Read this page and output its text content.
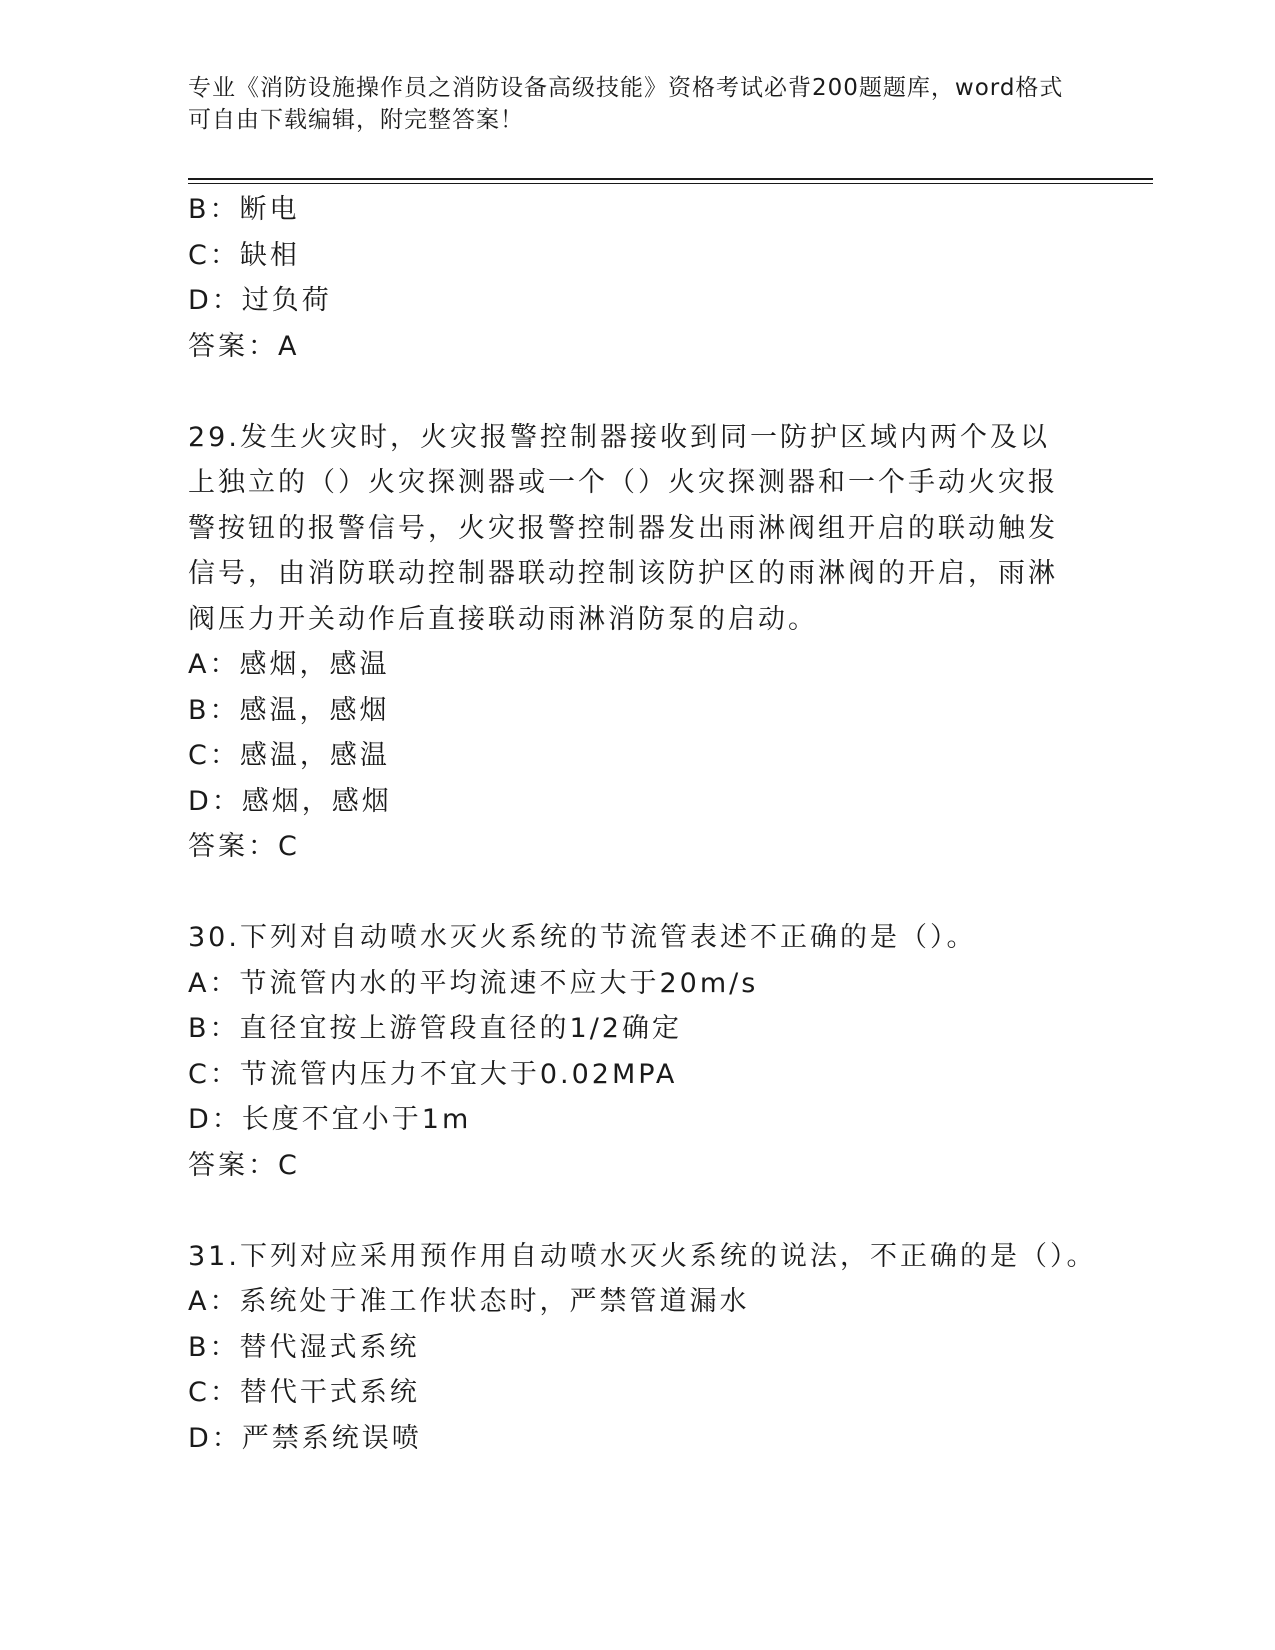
专业《消防设施操作员之消防设备高级技能》资格考试必背200题题库，word格式可自由下载编辑，附完整答案！
B：断电
C：缺相
D：过负荷
答案：A
29.发生火灾时，火灾报警控制器接收到同一防护区域内两个及以上独立的（）火灾探测器或一个（）火灾探测器和一个手动火灾报警按钮的报警信号，火灾报警控制器发出雨淋阀组开启的联动触发信号，由消防联动控制器联动控制该防护区的雨淋阀的开启，雨淋阀压力开关动作后直接联动雨淋消防泵的启动。
A：感烟，感温
B：感温，感烟
C：感温，感温
D：感烟，感烟
答案：C
30.下列对自动喷水灭火系统的节流管表述不正确的是（）。
A：节流管内水的平均流速不应大于20m/s
B：直径宜按上游管段直径的1/2确定
C：节流管内压力不宜大于0.02MPA
D：长度不宜小于1m
答案：C
31.下列对应采用预作用自动喷水灭火系统的说法，不正确的是（）。
A：系统处于准工作状态时，严禁管道漏水
B：替代湿式系统
C：替代干式系统
D：严禁系统误喷
